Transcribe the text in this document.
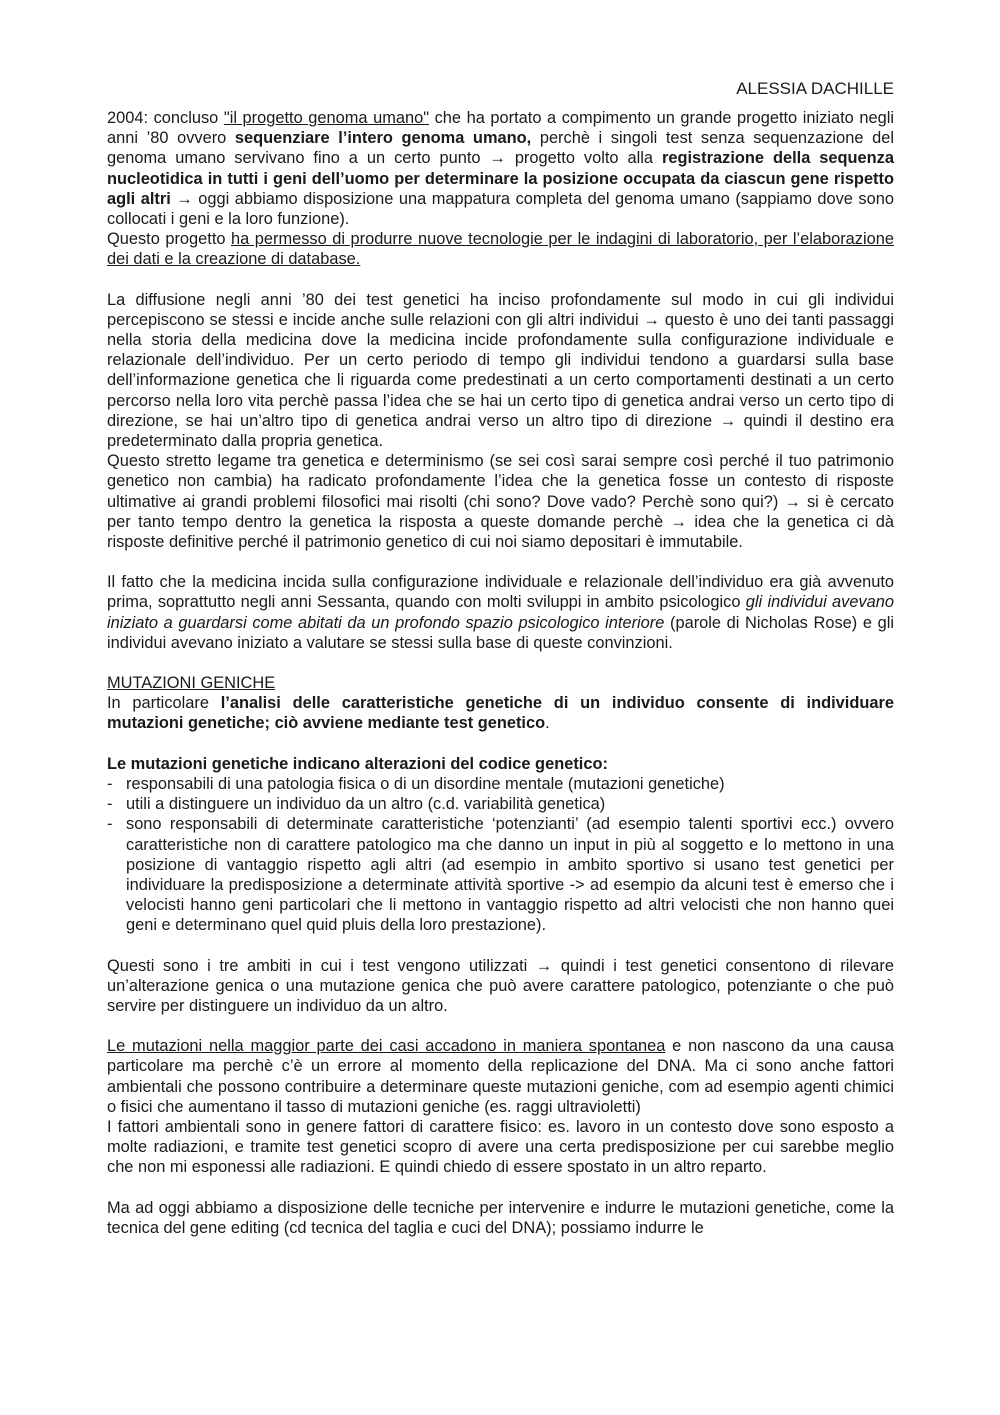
ALESSIA DACHILLE

2004: concluso "il progetto genoma umano" che ha portato a compimento un grande progetto iniziato negli anni ’80 ovvero sequenziare l’intero genoma umano, perchè i singoli test senza sequenzazione del genoma umano servivano fino a un certo punto → progetto volto alla registrazione della sequenza nucleotidica in tutti i geni dell’uomo per determinare la posizione occupata da ciascun gene rispetto agli altri → oggi abbiamo disposizione una mappatura completa del genoma umano (sappiamo dove sono collocati i geni e la loro funzione).

Questo progetto ha permesso di produrre nuove tecnologie per le indagini di laboratorio, per l’elaborazione dei dati e la creazione di database.

La diffusione negli anni ’80 dei test genetici ha inciso profondamente sul modo in cui gli individui percepiscono se stessi e incide anche sulle relazioni con gli altri individui → questo è uno dei tanti passaggi nella storia della medicina dove la medicina incide profondamente sulla configurazione individuale e relazionale dell’individuo. Per un certo periodo di tempo gli individui tendono a guardarsi sulla base dell’informazione genetica che li riguarda come predestinati a un certo comportamenti destinati a un certo percorso nella loro vita perchè passa l’idea che se hai un certo tipo di genetica andrai verso un certo tipo di direzione, se hai un’altro tipo di genetica andrai verso un altro tipo di direzione → quindi il destino era predeterminato dalla propria genetica.

Questo stretto legame tra genetica e determinismo (se sei così sarai sempre così perché il tuo patrimonio genetico non cambia) ha radicato profondamente l’idea che la genetica fosse un contesto di risposte ultimative ai grandi problemi filosofici mai risolti (chi sono? Dove vado? Perchè sono qui?) → si è cercato per tanto tempo dentro la genetica la risposta a queste domande perchè → idea che la genetica ci dà risposte definitive perché il patrimonio genetico di cui noi siamo depositari è immutabile.

Il fatto che la medicina incida sulla configurazione individuale e relazionale dell’individuo era già avvenuto prima, soprattutto negli anni Sessanta, quando con molti sviluppi in ambito psicologico gli individui avevano iniziato a guardarsi come abitati da un profondo spazio psicologico interiore (parole di Nicholas Rose) e gli individui avevano iniziato a valutare se stessi sulla base di queste convinzioni.

MUTAZIONI GENICHE

In particolare l’analisi delle caratteristiche genetiche di un individuo consente di individuare mutazioni genetiche; ciò avviene mediante test genetico.

Le mutazioni genetiche indicano alterazioni del codice genetico:

- responsabili di una patologia fisica o di un disordine mentale (mutazioni genetiche)
- utili a distinguere un individuo da un altro (c.d. variabilità genetica)
- sono responsabili di determinate caratteristiche ‘potenzianti’ (ad esempio talenti sportivi ecc.) ovvero caratteristiche non di carattere patologico ma che danno un input in più al soggetto e lo mettono in una posizione di vantaggio rispetto agli altri (ad esempio in ambito sportivo si usano test genetici per individuare la predisposizione a determinate attività sportive -> ad esempio da alcuni test è emerso che i velocisti hanno geni particolari che li mettono in vantaggio rispetto ad altri velocisti che non hanno quei geni e determinano quel quid pluis della loro prestazione).

Questi sono i tre ambiti in cui i test vengono utilizzati → quindi i test genetici consentono di rilevare un’alterazione genica o una mutazione genica che può avere carattere patologico, potenziante o che può servire per distinguere un individuo da un altro.

Le mutazioni nella maggior parte dei casi accadono in maniera spontanea e non nascono da una causa particolare ma perchè c’è un errore al momento della replicazione del DNA. Ma ci sono anche fattori ambientali che possono contribuire a determinare queste mutazioni geniche, com ad esempio agenti chimici o fisici che aumentano il tasso di mutazioni geniche (es. raggi ultravioletti)

I fattori ambientali sono in genere fattori di carattere fisico: es. lavoro in un contesto dove sono esposto a molte radiazioni, e tramite test genetici scopro di avere una certa predisposizione per cui sarebbe meglio che non mi esponessi alle radiazioni. E quindi chiedo di essere spostato in un altro reparto.

Ma ad oggi abbiamo a disposizione delle tecniche per intervenire e indurre le mutazioni genetiche, come la tecnica del gene editing (cd tecnica del taglia e cuci del DNA); possiamo indurre le
